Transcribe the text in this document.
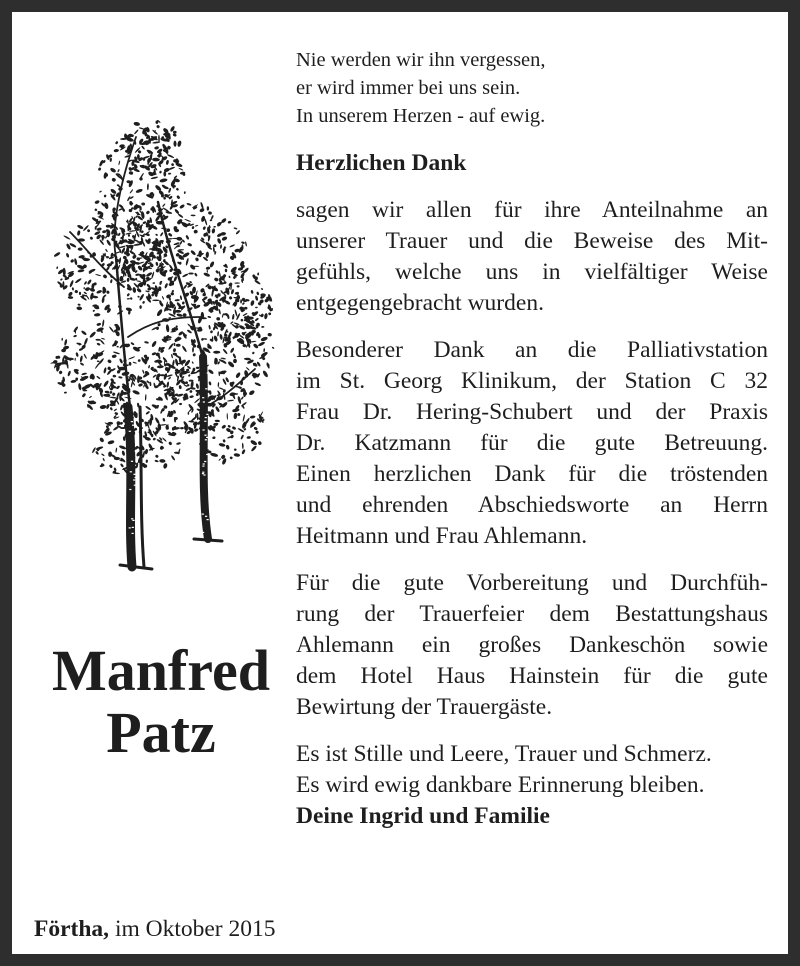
Manfred
Patz
Nie werden wir ihn vergessen,
er wird immer bei uns sein.
In unserem Herzen - auf ewig.
Herzlichen Dank
sagen wir allen für ihre Anteilnahme an
unserer Trauer und die Beweise des Mit-
gefühls, welche uns in vielfältiger Weise
entgegengebracht wurden.
Besonderer Dank an die Palliativstation
im St. Georg Klinikum, der Station C 32
Frau Dr. Hering-Schubert und der Praxis
Dr. Katzmann für die gute Betreuung.
Einen herzlichen Dank für die tröstenden
und ehrenden Abschiedsworte an Herrn
Heitmann und Frau Ahlemann.
Für die gute Vorbereitung und Durchfüh-
rung der Trauerfeier dem Bestattungshaus
Ahlemann ein großes Dankeschön sowie
dem Hotel Haus Hainstein für die gute
Bewirtung der Trauergäste.
Es ist Stille und Leere, Trauer und Schmerz.
Es wird ewig dankbare Erinnerung bleiben.
Deine Ingrid und Familie
Förtha, im Oktober 2015
